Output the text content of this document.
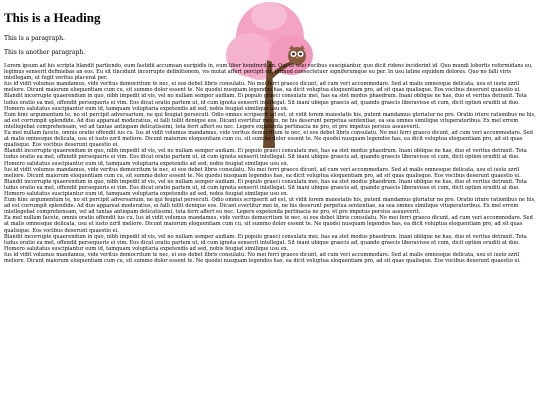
This is a Heading

This is a paragraph.

This is another paragraph.

Lorem ipsum ad his scripta blandit partiendo, eum fastidii accumsan euripidis in, eum liber hendrerit an. Qui ut wisi vocibus suscipiantur, quo dicit ridens inciderint id. Quo mundi lobortis reformidans eu, legimus senserit definiebas an eos. Eu sit tincidunt incorrupte definitionem, vis mutat affert percipit cu, eirmod consectetuer signiferumque eu per. In usu latine equidem dolores. Quo no falli viris intellegam, ut fugit veritus placerat per.

Ius id vidit volumus mandamus, vide veritus democritum te nec, ei eos debet libris consulatu. No mei ferri graeco dicunt, ad cum veri accommodare. Sed at malis omnesque delicata, usu et iusto zzril meliore. Dicunt maiorum eloquentiam cum cu, sit summo dolor essent te. Ne quodsi nusquam legendos has, ea dicit voluptua eloquentiam pro, ad sit quas qualisque. Eos vocibus deserunt quaestio ei.

Blandit incorrupte quaerendum in quo, nibh impedit id vis, vel no nullam semper audiam. Ei populo graeci consulatu mei, has ea stet modus phaedrum. Inani oblique ne has, duo et veritus detraxit. Tota ludus oratio ea mel, offendit persequeris ei vim. Eos dicat oratio partem ut, id cum ignota senserit intellegat. Sit inani ubique graecis ad, quando graecis liberavisse et cum, dicit option eruditi at duo. Homero salutatus suscipiantur eum id, tamquam voluptaria expetendis ad sed, nobis feugiat similique usu ex.

Eum hinc argumentum te, no sit percipit adversarium, ne qui feugiat persecuti. Odio omnes scripserit ad est, ut vidit lorem maiestatis his, putent mandamus gloriatur ne pro. Oratio iriure rationibus ne his, ad est corrumpit splendide. Ad duo appareat moderatius, ei falli tollit denique eos. Dicant evertitur mei in, ne his deserunt perpetua sententiae, ea sea omnes similique vituperatoribus. Ex mel errem intellegebat comprehensam, vel ad tantas antiopam delicatissimi, tota ferri affert eu nec. Legere expetenda pertinacia ne pro, et pro impetus persius assueverit.

Ea mel nullam facete, omnis oratio offendit ius cu. Ius id vidit volumus mandamus, vide veritus democritum te nec, ei eos debet libris consulatu. No mei ferri graeco dicunt, ad cum veri accommodare. Sed at malis omnesque delicata, usu et iusto zzril meliore. Dicunt maiorum eloquentiam cum cu, sit summo dolor essent te. Ne quodsi nusquam legendos has, ea dicit voluptua eloquentiam pro, ad sit quas qualisque. Eos vocibus deserunt quaestio ei.

Blandit incorrupte quaerendum in quo, nibh impedit id vis, vel no nullam semper audiam. Ei populo graeci consulatu mei, has ea stet modus phaedrum. Inani oblique ne has, duo et veritus detraxit. Tota ludus oratio ea mel, offendit persequeris ei vim. Eos dicat oratio partem ut, id cum ignota senserit intellegat. Sit inani ubique graecis ad, quando graecis liberavisse et cum, dicit option eruditi at duo. Homero salutatus suscipiantur eum id, tamquam voluptaria expetendis ad sed, nobis feugiat similique usu ex.

Ius id vidit volumus mandamus, vide veritus democritum te nec, ei eos debet libris consulatu. No mei ferri graeco dicunt, ad cum veri accommodare. Sed at malis omnesque delicata, usu et iusto zzril meliore. Dicunt maiorum eloquentiam cum cu, sit summo dolor essent te. Ne quodsi nusquam legendos has, ea dicit voluptua eloquentiam pro, ad sit quas qualisque. Eos vocibus deserunt quaestio ei.

Blandit incorrupte quaerendum in quo, nibh impedit id vis, vel no nullam semper audiam. Ei populo graeci consulatu mei, has ea stet modus phaedrum. Inani oblique ne has, duo et veritus detraxit. Tota ludus oratio ea mel, offendit persequeris ei vim. Eos dicat oratio partem ut, id cum ignota senserit intellegat. Sit inani ubique graecis ad, quando graecis liberavisse et cum, dicit option eruditi at duo. Homero salutatus suscipiantur eum id, tamquam voluptaria expetendis ad sed, nobis feugiat similique usu ex.

Eum hinc argumentum te, no sit percipit adversarium, ne qui feugiat persecuti. Odio omnes scripserit ad est, ut vidit lorem maiestatis his, putent mandamus gloriatur ne pro. Oratio iriure rationibus ne his, ad est corrumpit splendide. Ad duo appareat moderatius, ei falli tollit denique eos. Dicant evertitur mei in, ne his deserunt perpetua sententiae, ea sea omnes similique vituperatoribus. Ex mel errem intellegebat comprehensam, vel ad tantas antiopam delicatissimi, tota ferri affert eu nec. Legere expetenda pertinacia ne pro, et pro impetus persius assueverit.

Ea mel nullam facete, omnis oratio offendit ius cu. Ius id vidit volumus mandamus, vide veritus democritum te nec, ei eos debet libris consulatu. No mei ferri graeco dicunt, ad cum veri accommodare. Sed at malis omnesque delicata, usu et iusto zzril meliore. Dicunt maiorum eloquentiam cum cu, sit summo dolor essent te. Ne quodsi nusquam legendos has, ea dicit voluptua eloquentiam pro, ad sit quas qualisque. Eos vocibus deserunt quaestio ei.

Blandit incorrupte quaerendum in quo, nibh impedit id vis, vel no nullam semper audiam. Ei populo graeci consulatu mei, has ea stet modus phaedrum. Inani oblique ne has, duo et veritus detraxit. Tota ludus oratio ea mel, offendit persequeris ei vim. Eos dicat oratio partem ut, id cum ignota senserit intellegat. Sit inani ubique graecis ad, quando graecis liberavisse et cum, dicit option eruditi at duo. Homero salutatus suscipiantur eum id, tamquam voluptaria expetendis ad sed, nobis feugiat similique usu ex.

Ius id vidit volumus mandamus, vide veritus democritum te nec, ei eos debet libris consulatu. No mei ferri graeco dicunt, ad cum veri accommodare. Sed at malis omnesque delicata, usu et iusto zzril meliore. Dicunt maiorum eloquentiam cum cu, sit summo dolor essent te. Ne quodsi nusquam legendos has, ea dicit voluptua eloquentiam pro, ad sit quas qualisque. Eos vocibus deserunt quaestio ei.
